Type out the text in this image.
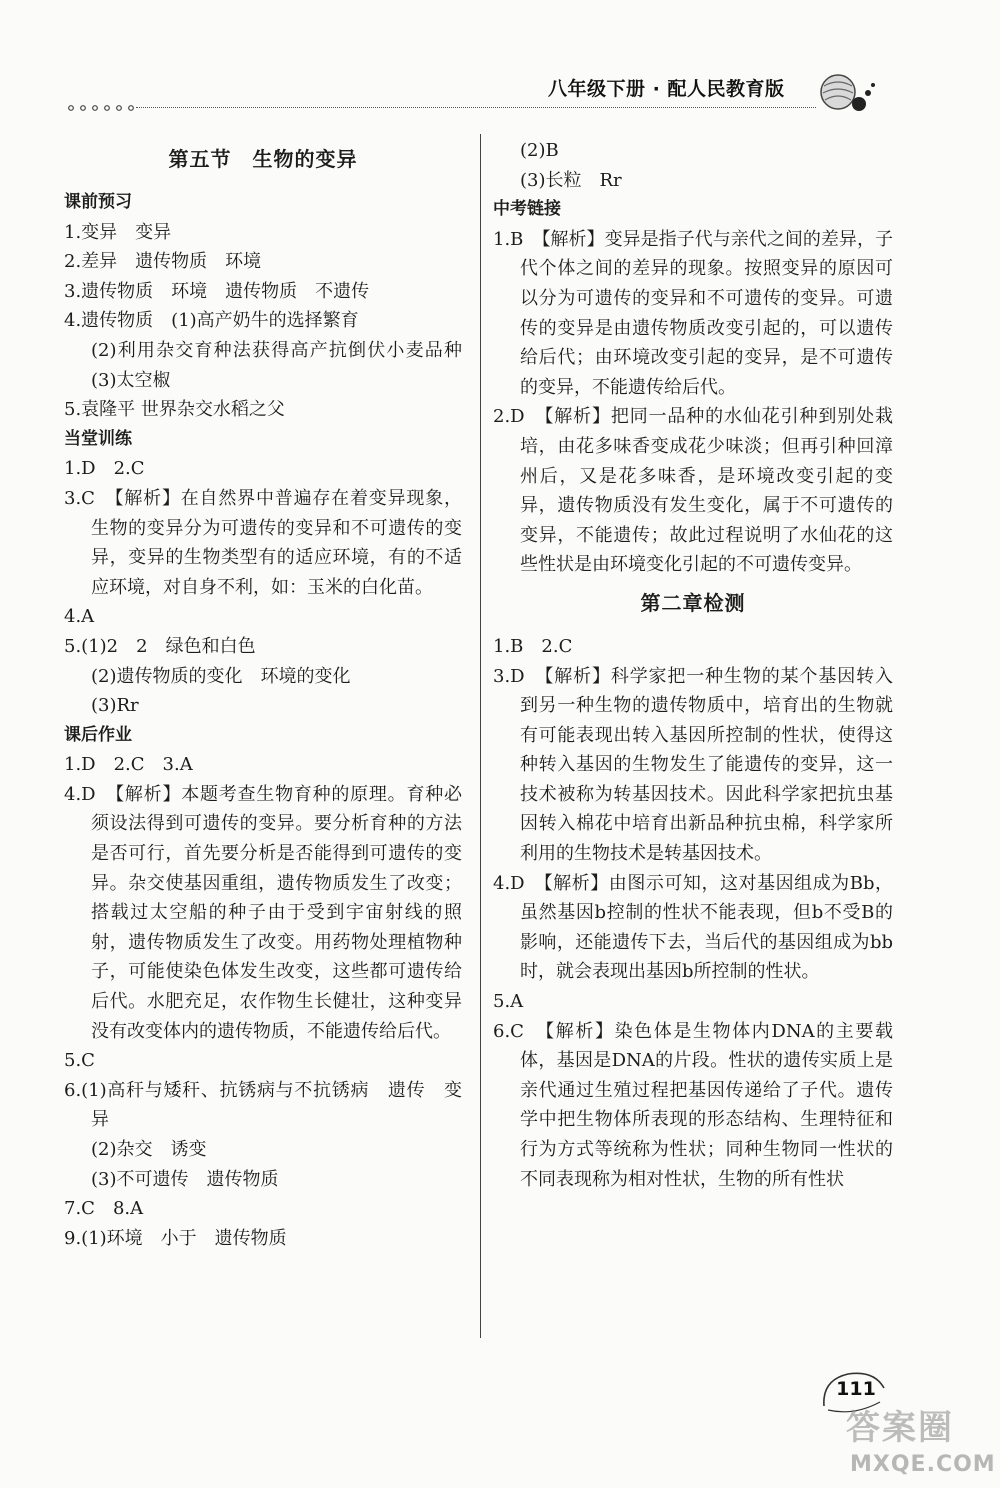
八年级下册 · 配人民教育版
第五节　生物的变异
课前预习
1.变异　变异
2.差异　遗传物质　环境
3.遗传物质　环境　遗传物质　不遗传
4.遗传物质　(1)高产奶牛的选择繁育
(2)利用杂交育种法获得高产抗倒伏小麦品种　(3)太空椒
5.袁隆平 世界杂交水稻之父
当堂训练
1.D　2.C
3.C　【解析】在自然界中普遍存在着变异现象，生物的变异分为可遗传的变异和不可遗传的变异，变异的生物类型有的适应环境，有的不适应环境，对自身不利，如：玉米的白化苗。
4.A
5.(1)2　2　绿色和白色
(2)遗传物质的变化　环境的变化
(3)Rr
课后作业
1.D　2.C　3.A
4.D　【解析】本题考查生物育种的原理。育种必须设法得到可遗传的变异。要分析育种的方法是否可行，首先要分析是否能得到可遗传的变异。杂交使基因重组，遗传物质发生了改变；搭载过太空船的种子由于受到宇宙射线的照射，遗传物质发生了改变。用药物处理植物种子，可能使染色体发生改变，这些都可遗传给后代。水肥充足，农作物生长健壮，这种变异没有改变体内的遗传物质，不能遗传给后代。
5.C
6.(1)高秆与矮秆、抗锈病与不抗锈病　遗传　变异
(2)杂交　诱变
(3)不可遗传　遗传物质
7.C　8.A
9.(1)环境　小于　遗传物质
(2)B
(3)长粒　Rr
中考链接
1.B　【解析】变异是指子代与亲代之间的差异，子代个体之间的差异的现象。按照变异的原因可以分为可遗传的变异和不可遗传的变异。可遗传的变异是由遗传物质改变引起的，可以遗传给后代；由环境改变引起的变异，是不可遗传的变异，不能遗传给后代。
2.D　【解析】把同一品种的水仙花引种到别处栽培，由花多味香变成花少味淡；但再引种回漳州后，又是花多味香，是环境改变引起的变异，遗传物质没有发生变化，属于不可遗传的变异，不能遗传；故此过程说明了水仙花的这些性状是由环境变化引起的不可遗传变异。
第二章检测
1.B　2.C
3.D　【解析】科学家把一种生物的某个基因转入到另一种生物的遗传物质中，培育出的生物就有可能表现出转入基因所控制的性状，使得这种转入基因的生物发生了能遗传的变异，这一技术被称为转基因技术。因此科学家把抗虫基因转入棉花中培育出新品种抗虫棉，科学家所利用的生物技术是转基因技术。
4.D　【解析】由图示可知，这对基因组成为Bb，虽然基因b控制的性状不能表现，但b不受B的影响，还能遗传下去，当后代的基因组成为bb时，就会表现出基因b所控制的性状。
5.A
6.C　【解析】染色体是生物体内DNA的主要载体，基因是DNA的片段。性状的遗传实质上是亲代通过生殖过程把基因传递给了子代。遗传学中把生物体所表现的形态结构、生理特征和行为方式等统称为性状；同种生物同一性状的不同表现称为相对性状，生物的所有性状
111
答案圈
MXQE.COM
